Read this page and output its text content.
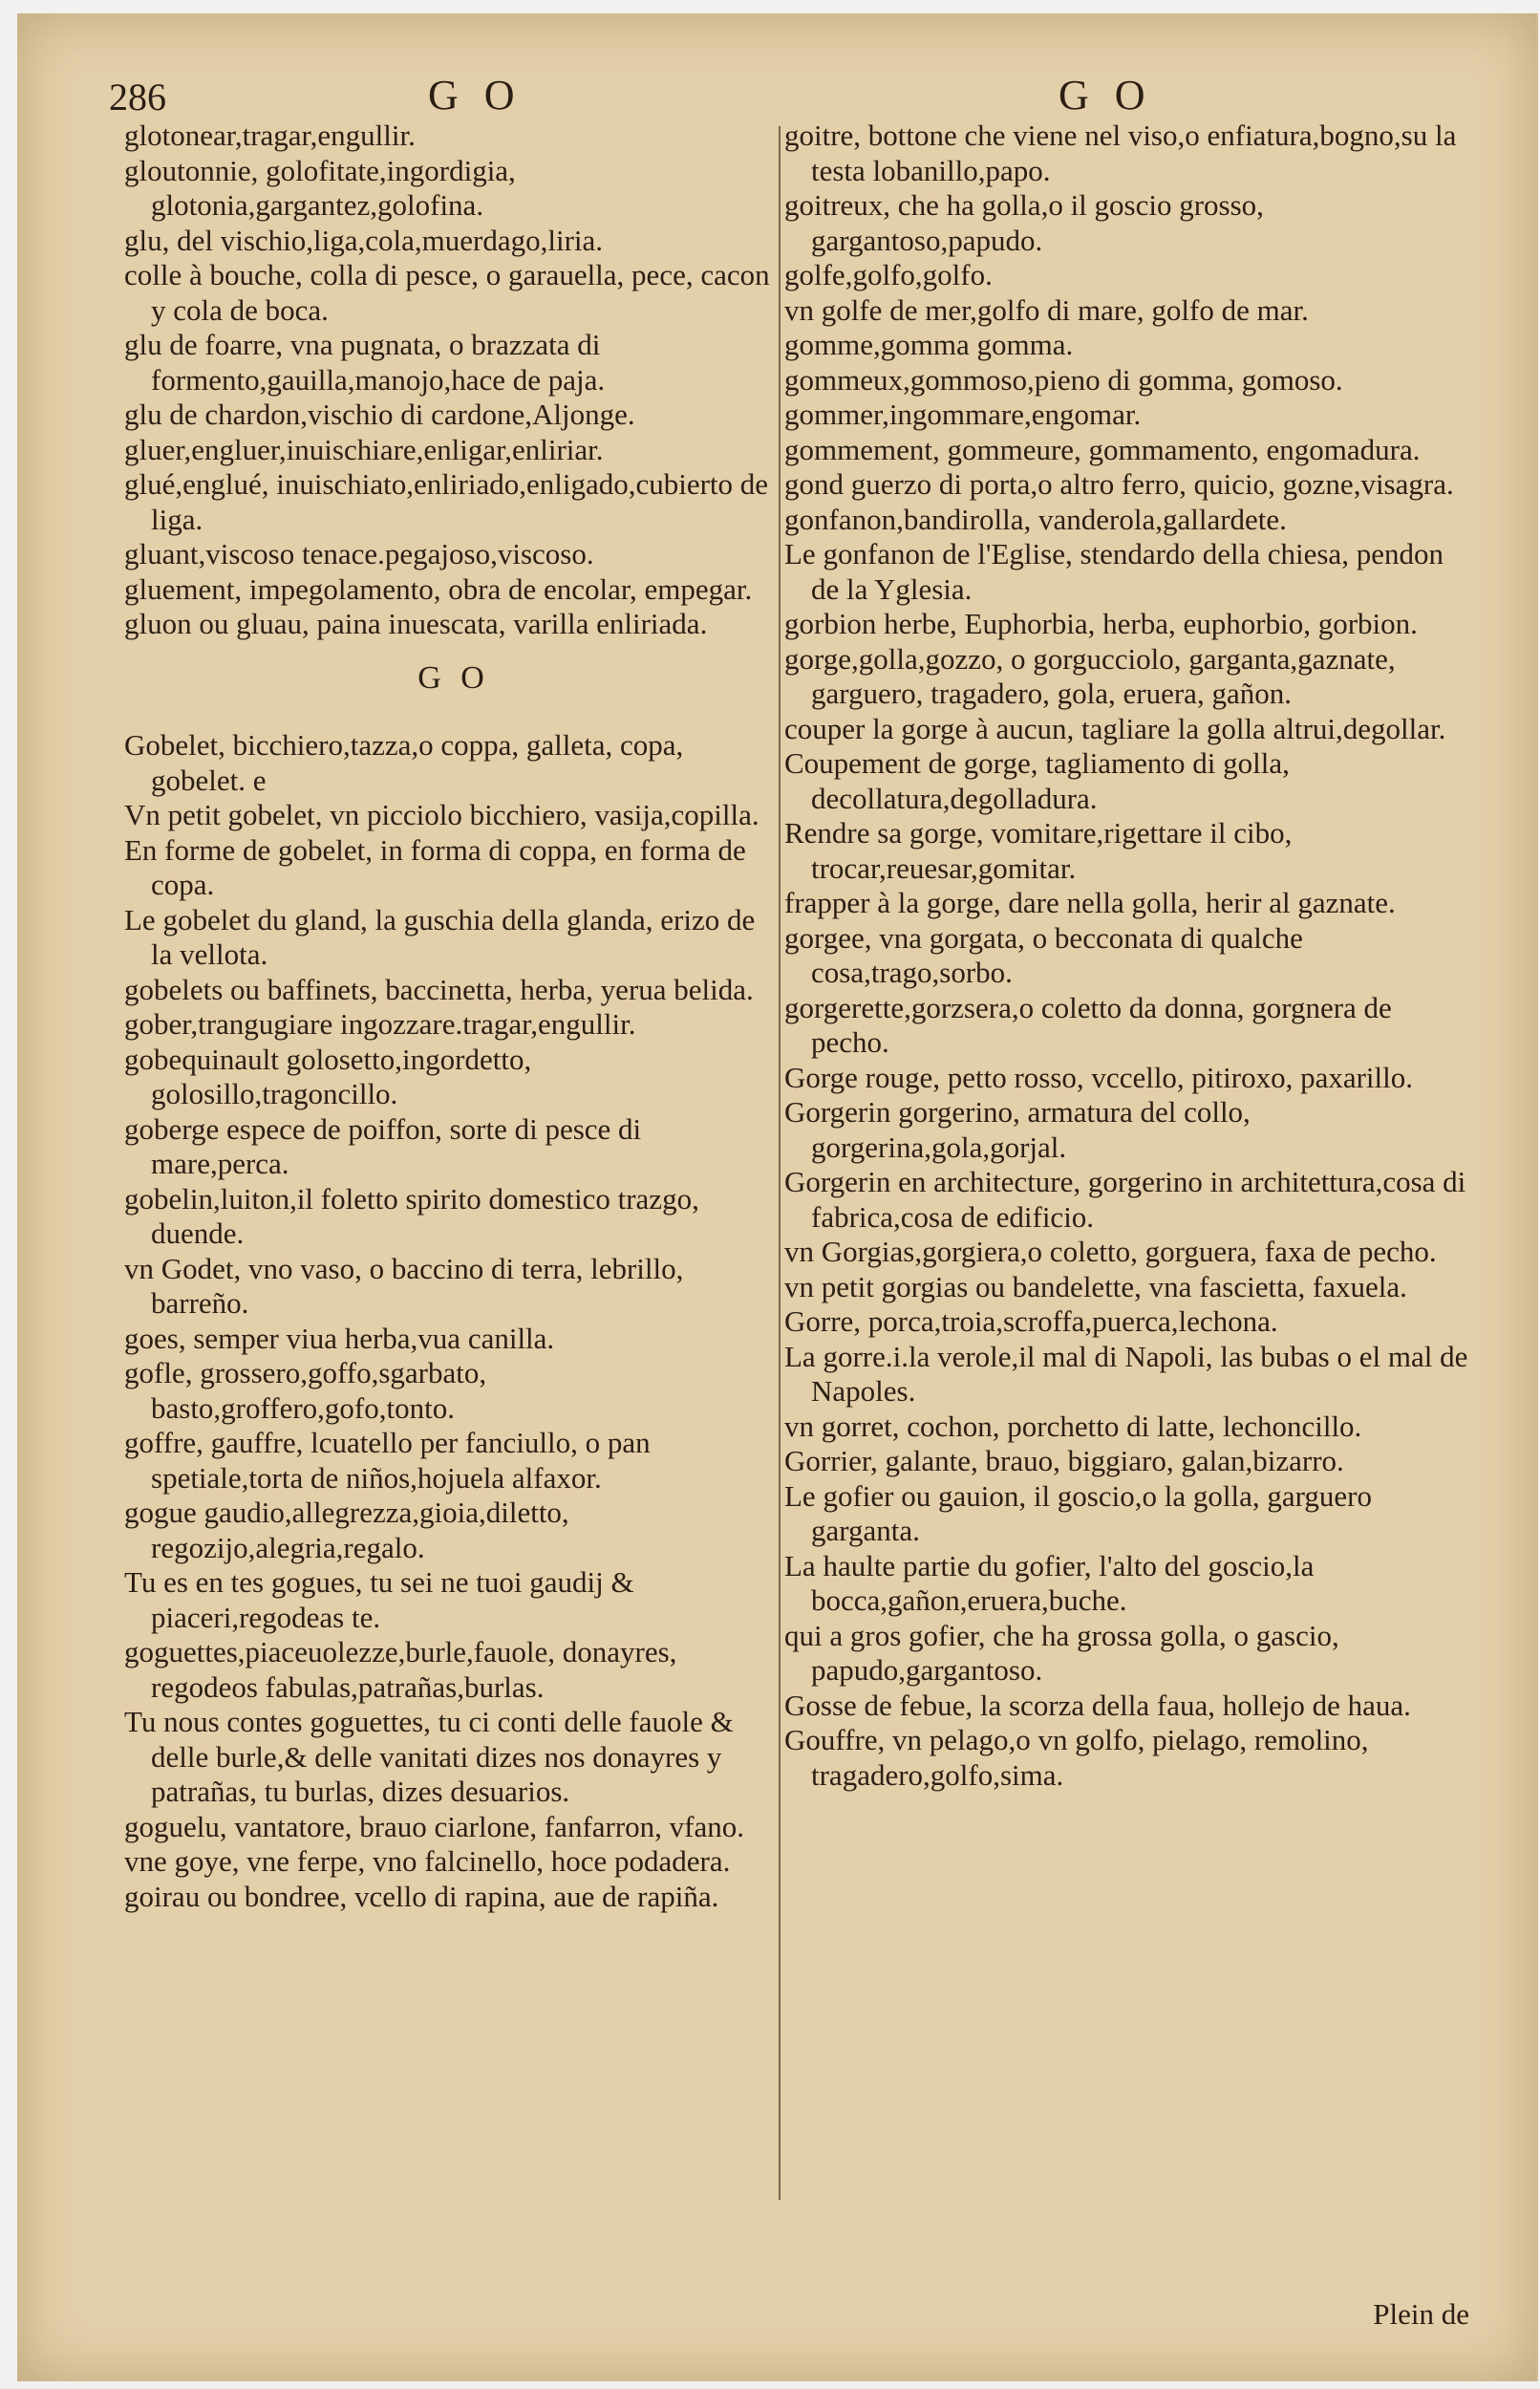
286	G O	G O

glotonear,tragar,engullir.

gloutonnie, golofitate,ingordigia, glotonia,gargantez,golofina.

glu, del vischio,liga,cola,muerdago,liria.

colle à bouche, colla di pesce, o garauella, pece, cacon y cola de boca.

glu de foarre, vna pugnata, o brazzata di formento,gauilla,manojo,hace de paja.

glu de chardon,vischio di cardone,Aljonge.

gluer,engluer,inuischiare,enligar,enliriar.

glué,englué, inuischiato,enliriado,enligado,cubierto de liga.

gluant,viscoso tenace.pegajoso,viscoso.

gluement, impegolamento, obra de encolar, empegar.

gluon ou gluau, paina inuescata, varilla enliriada.

G O

Gobelet, bicchiero,tazza,o coppa, galleta, copa, gobelet. e

Vn petit gobelet, vn picciolo bicchiero, vasija,copilla.

En forme de gobelet, in forma di coppa, en forma de copa.

Le gobelet du gland, la guschia della glanda, erizo de la vellota.

gobelets ou baffinets, baccinetta, herba, yerua belida.

gober,trangugiare ingozzare.tragar,engullir.

gobequinault golosetto,ingordetto, golosillo,tragoncillo.

goberge espece de poiffon, sorte di pesce di mare,perca.

gobelin,luiton,il foletto spirito domestico trazgo, duende.

vn Godet, vno vaso, o baccino di terra, lebrillo, barreño.

goes, semper viua herba,vua canilla.

gofle, grossero,goffo,sgarbato, basto,groffero,gofo,tonto.

goffre, gauffre, lcuatello per fanciullo, o pan spetiale,torta de niños,hojuela alfaxor.

gogue gaudio,allegrezza,gioia,diletto, regozijo,alegria,regalo.

Tu es en tes gogues, tu sei ne tuoi gaudij & piaceri,regodeas te.

goguettes,piaceuolezze,burle,fauole, donayres, regodeos fabulas,patrañas,burlas.

Tu nous contes goguettes, tu ci conti delle fauole & delle burle,& delle vanitati dizes nos donayres y patrañas, tu burlas, dizes desuarios.

goguelu, vantatore, brauo ciarlone, fanfarron, vfano.

vne goye, vne ferpe, vno falcinello, hoce podadera.

goirau ou bondree, vcello di rapina, aue de rapiña.

goitre, bottone che viene nel viso,o enfiatura,bogno,su la testa lobanillo,papo.

goitreux, che ha golla,o il goscio grosso, gargantoso,papudo.

golfe,golfo,golfo.

vn golfe de mer,golfo di mare, golfo de mar.

gomme,gomma gomma.

gommeux,gommoso,pieno di gomma, gomoso.

gommer,ingommare,engomar.

gommement, gommeure, gommamento, engomadura.

gond guerzo di porta,o altro ferro, quicio, gozne,visagra.

gonfanon,bandirolla, vanderola,gallardete.

Le gonfanon de l'Eglise, stendardo della chiesa, pendon de la Yglesia.

gorbion herbe, Euphorbia, herba, euphorbio, gorbion.

gorge,golla,gozzo, o gorgucciolo, garganta,gaznate, garguero, tragadero, gola, eruera, gañon.

couper la gorge à aucun, tagliare la golla altrui,degollar.

Coupement de gorge, tagliamento di golla, decollatura,degolladura.

Rendre sa gorge, vomitare,rigettare il cibo, trocar,reuesar,gomitar.

frapper à la gorge, dare nella golla, herir al gaznate.

gorgee, vna gorgata, o becconata di qualche cosa,trago,sorbo.

gorgerette,gorzsera,o coletto da donna, gorgnera de pecho.

Gorge rouge, petto rosso, vccello, pitiroxo, paxarillo.

Gorgerin gorgerino, armatura del collo, gorgerina,gola,gorjal.

Gorgerin en architecture, gorgerino in architettura,cosa di fabrica,cosa de edificio.

vn Gorgias,gorgiera,o coletto, gorguera, faxa de pecho.

vn petit gorgias ou bandelette, vna fascietta, faxuela.

Gorre, porca,troia,scroffa,puerca,lechona.

La gorre.i.la verole,il mal di Napoli, las bubas o el mal de Napoles.

vn gorret, cochon, porchetto di latte, lechoncillo.

Gorrier, galante, brauo, biggiaro, galan,bizarro.

Le gofier ou gauion, il goscio,o la golla, garguero garganta.

La haulte partie du gofier, l'alto del goscio,la bocca,gañon,eruera,buche.

qui a gros gofier, che ha grossa golla, o gascio, papudo,gargantoso.

Gosse de febue, la scorza della faua, hollejo de haua.

Gouffre, vn pelago,o vn golfo, pielago, remolino, tragadero,golfo,sima.

Plein de
